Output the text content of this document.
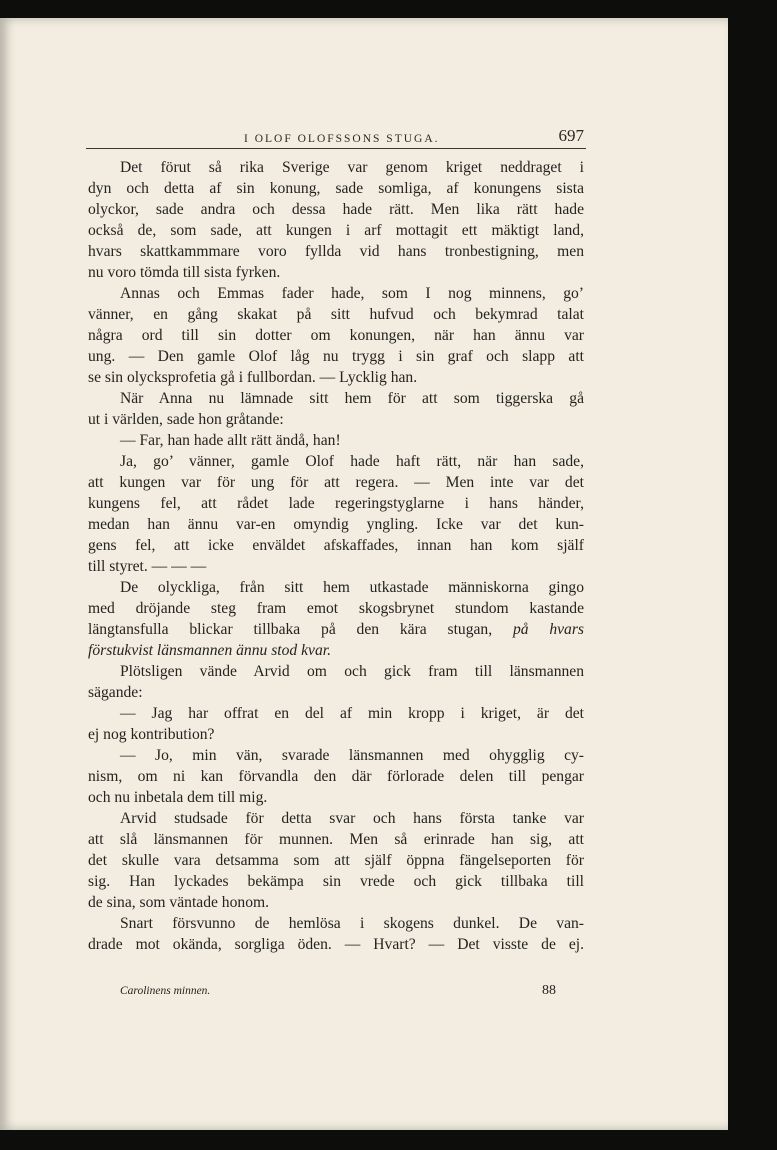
I OLOF OLOFSSONS STUGA.	697
Det förut så rika Sverige var genom kriget neddraget i
dyn och detta af sin konung, sade somliga, af konungens sista
olyckor, sade andra och dessa hade rätt. Men lika rätt hade
också de, som sade, att kungen i arf mottagit ett mäktigt land,
hvars skattkammmare voro fyllda vid hans tronbestigning, men
nu voro tömda till sista fyrken.
Annas och Emmas fader hade, som I nog minnens, go’
vänner, en gång skakat på sitt hufvud och bekymrad talat
några ord till sin dotter om konungen, när han ännu var
ung. — Den gamle Olof låg nu trygg i sin graf och slapp att
se sin olycksprofetia gå i fullbordan. — Lycklig han.
När Anna nu lämnade sitt hem för att som tiggerska gå
ut i världen, sade hon gråtande:
— Far, han hade allt rätt ändå, han!
Ja, go’ vänner, gamle Olof hade haft rätt, när han sade,
att kungen var för ung för att regera. — Men inte var det
kungens fel, att rådet lade regeringstyglarne i hans händer,
medan han ännu var-en omyndig yngling. Icke var det kun-
gens fel, att icke enväldet afskaffades, innan han kom själf
till styret. — — —
De olyckliga, från sitt hem utkastade människorna gingo
med dröjande steg fram emot skogsbrynet stundom kastande
längtansfulla blickar tillbaka på den kära stugan, på hvars
förstukvist länsmannen ännu stod kvar.
Plötsligen vände Arvid om och gick fram till länsmannen
sägande:
— Jag har offrat en del af min kropp i kriget, är det
ej nog kontribution?
— Jo, min vän, svarade länsmannen med ohygglig cy-
nism, om ni kan förvandla den där förlorade delen till pengar
och nu inbetala dem till mig.
Arvid studsade för detta svar och hans första tanke var
att slå länsmannen för munnen. Men så erinrade han sig, att
det skulle vara detsamma som att själf öppna fängelseporten för
sig. Han lyckades bekämpa sin vrede och gick tillbaka till
de sina, som väntade honom.
Snart försvunno de hemlösa i skogens dunkel. De van-
drade mot okända, sorgliga öden. — Hvart? — Det visste de ej.
Carolinens minnen.	88
